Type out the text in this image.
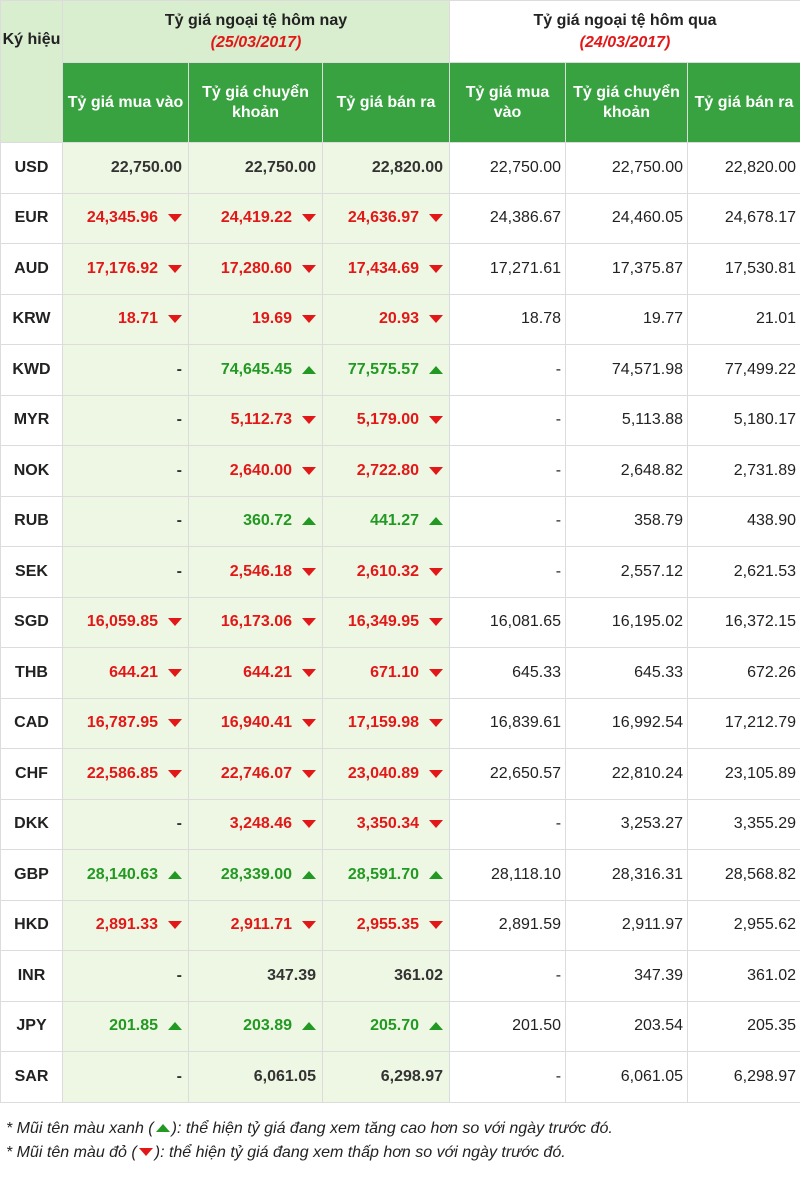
Ký hiệu	Tỷ giá ngoại tệ hôm nay
(25/03/2017)			Tỷ giá ngoại tệ hôm qua
(24/03/2017)		

	Tỷ giá mua vào	Tỷ giá chuyển khoản	Tỷ giá bán ra	Tỷ giá mua vào	Tỷ giá chuyển khoản	Tỷ giá bán ra
USD	22,750.00	22,750.00	22,820.00	22,750.00	22,750.00	22,820.00
EUR	24,345.96	24,419.22	24,636.97	24,386.67	24,460.05	24,678.17
AUD	17,176.92	17,280.60	17,434.69	17,271.61	17,375.87	17,530.81
KRW	18.71	19.69	20.93	18.78	19.77	21.01
KWD	-	74,645.45	77,575.57	-	74,571.98	77,499.22
MYR	-	5,112.73	5,179.00	-	5,113.88	5,180.17
NOK	-	2,640.00	2,722.80	-	2,648.82	2,731.89
RUB	-	360.72	441.27	-	358.79	438.90
SEK	-	2,546.18	2,610.32	-	2,557.12	2,621.53
SGD	16,059.85	16,173.06	16,349.95	16,081.65	16,195.02	16,372.15
THB	644.21	644.21	671.10	645.33	645.33	672.26
CAD	16,787.95	16,940.41	17,159.98	16,839.61	16,992.54	17,212.79
CHF	22,586.85	22,746.07	23,040.89	22,650.57	22,810.24	23,105.89
DKK	-	3,248.46	3,350.34	-	3,253.27	3,355.29
GBP	28,140.63	28,339.00	28,591.70	28,118.10	28,316.31	28,568.82
HKD	2,891.33	2,911.71	2,955.35	2,891.59	2,911.97	2,955.62
INR	-	347.39	361.02	-	347.39	361.02
JPY	201.85	203.89	205.70	201.50	203.54	205.35
SAR	-	6,061.05	6,298.97	-	6,061.05	6,298.97
* Mũi tên màu xanh ( ): thể hiện tỷ giá đang xem tăng cao hơn so với ngày trước đó.
* Mũi tên màu đỏ ( ): thể hiện tỷ giá đang xem thấp hơn so với ngày trước đó.
